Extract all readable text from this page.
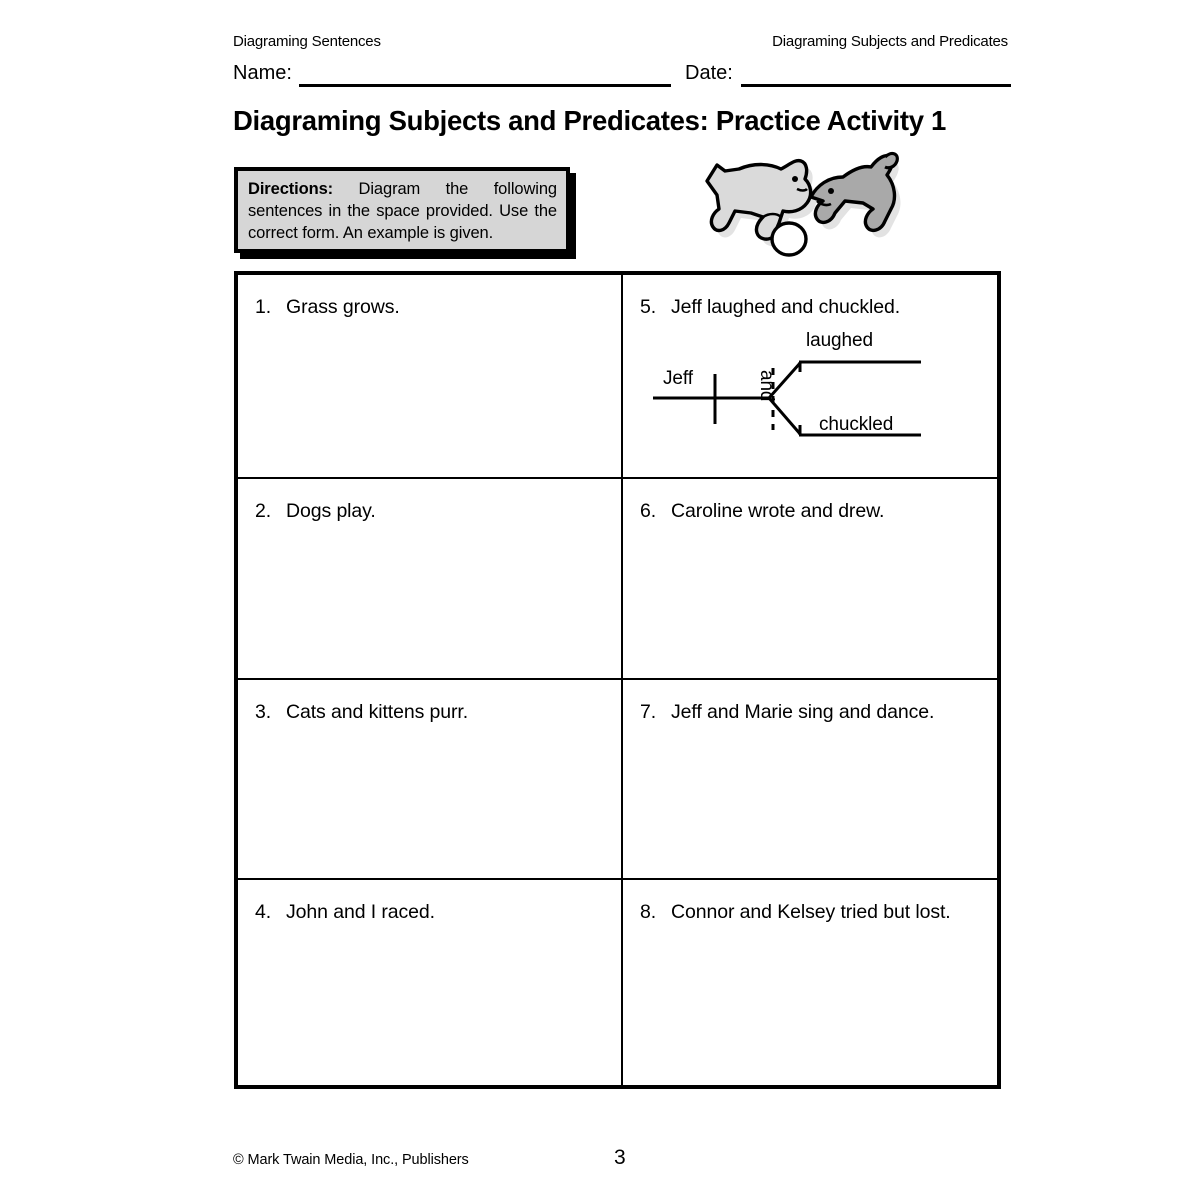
Diagraming Sentences	Diagraming Subjects and Predicates
Name:	Date:
Diagraming Subjects and Predicates: Practice Activity 1
Directions: Diagram the following sentences in the space provided. Use the correct form. An example is given.
1. Grass grows.	5. Jeff laughed and chuckled.
Jeff
laughed
chuckled
and
2. Dogs play.	6. Caroline wrote and drew.
3. Cats and kittens purr.	7. Jeff and Marie sing and dance.
4. John and I raced.	8. Connor and Kelsey tried but lost.
© Mark Twain Media, Inc., Publishers	3
